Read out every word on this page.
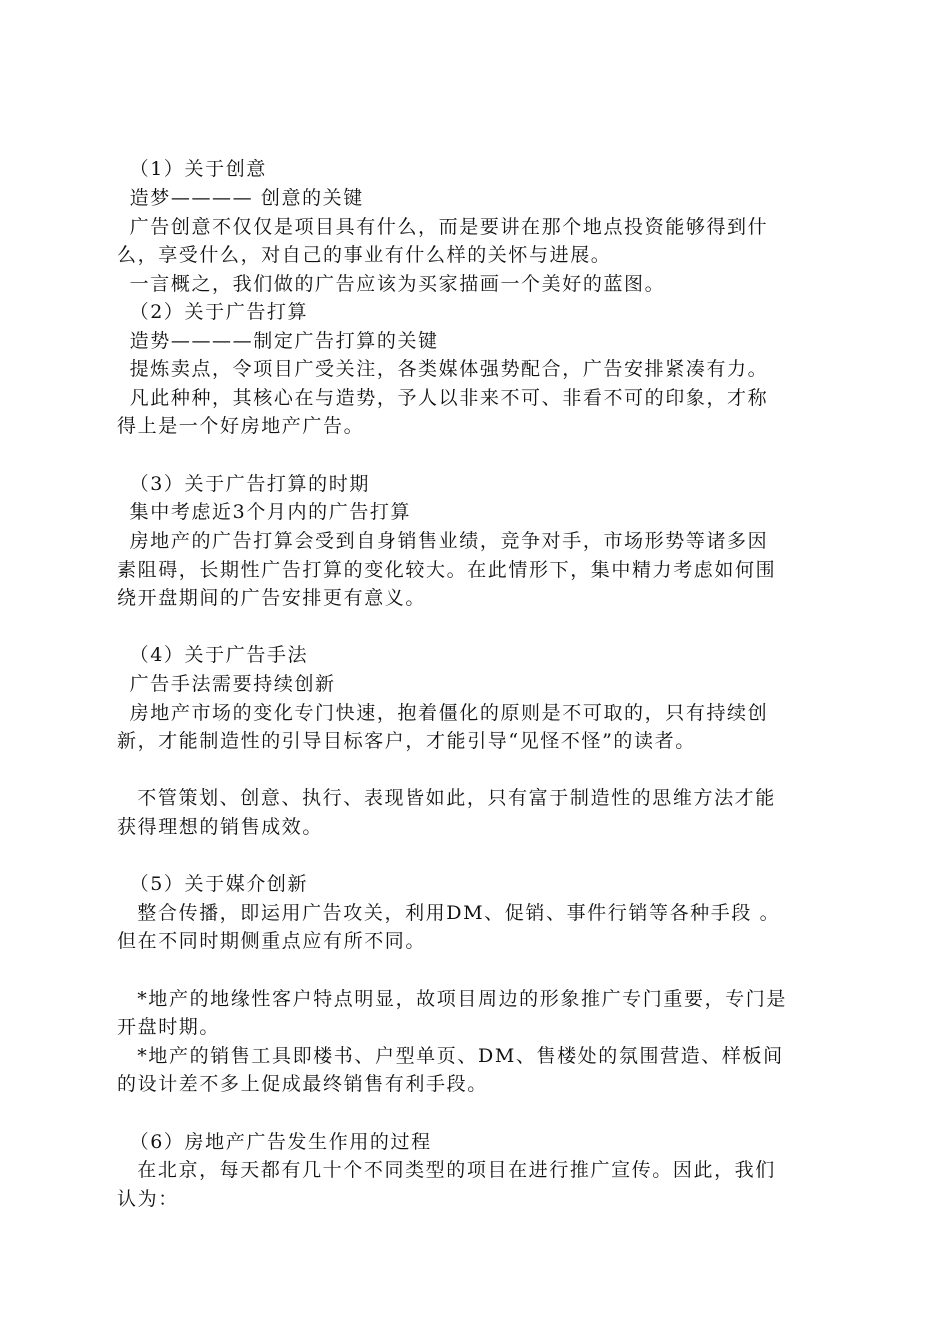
（1）关于创意

造梦———— 创意的关键

广告创意不仅仅是项目具有什么，而是要讲在那个地点投资能够得到什

么，享受什么，对自己的事业有什么样的关怀与进展。

一言概之，我们做的广告应该为买家描画一个美好的蓝图。

（2）关于广告打算

造势————制定广告打算的关键

提炼卖点，令项目广受关注，各类媒体强势配合，广告安排紧凑有力。

凡此种种，其核心在与造势，予人以非来不可、非看不可的印象，才称

得上是一个好房地产广告。

（3）关于广告打算的时期

集中考虑近3个月内的广告打算

房地产的广告打算会受到自身销售业绩，竞争对手，市场形势等诸多因

素阻碍，长期性广告打算的变化较大。在此情形下，集中精力考虑如何围

绕开盘期间的广告安排更有意义。

（4）关于广告手法

广告手法需要持续创新

房地产市场的变化专门快速，抱着僵化的原则是不可取的，只有持续创

新，才能制造性的引导目标客户，才能引导“见怪不怪”的读者。

不管策划、创意、执行、表现皆如此，只有富于制造性的思维方法才能

获得理想的销售成效。

（5）关于媒介创新

整合传播，即运用广告攻关，利用DM、促销、事件行销等各种手段 。

但在不同时期侧重点应有所不同。

*地产的地缘性客户特点明显，故项目周边的形象推广专门重要，专门是

开盘时期。

*地产的销售工具即楼书、户型单页、DM、售楼处的氛围营造、样板间

的设计差不多上促成最终销售有利手段。

（6）房地产广告发生作用的过程

在北京，每天都有几十个不同类型的项目在进行推广宣传。因此，我们

认为：
